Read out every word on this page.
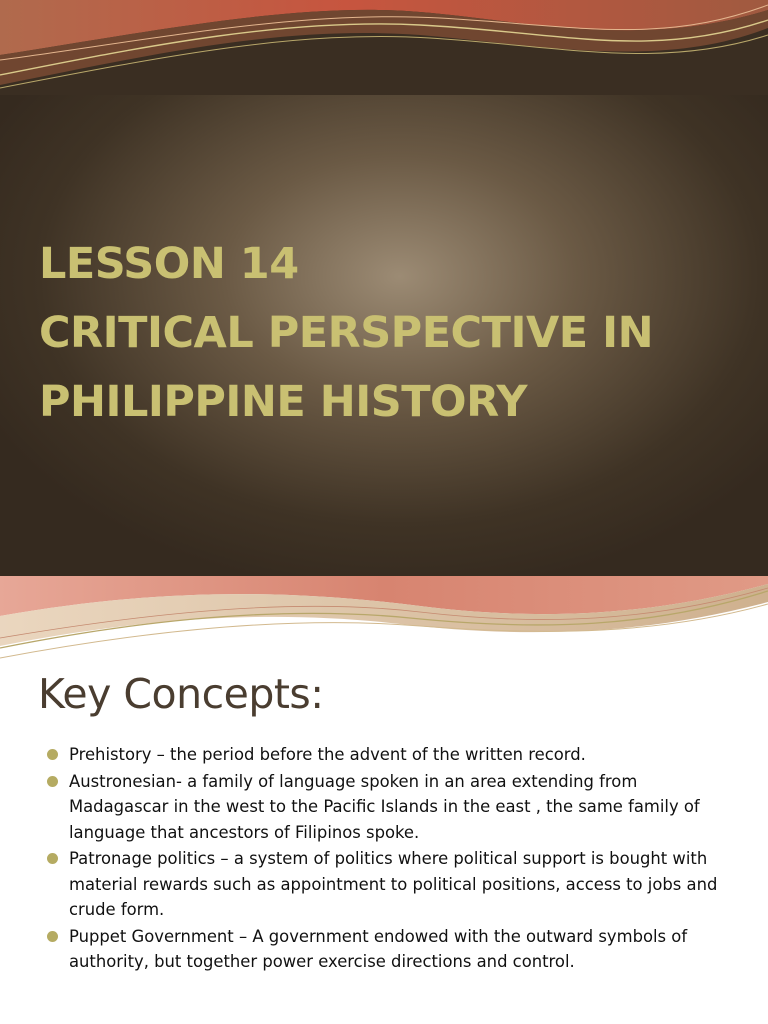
LESSON 14
CRITICAL PERSPECTIVE IN
PHILIPPINE HISTORY
Key Concepts:
Prehistory – the period before the advent of the written record.
Austronesian- a family of language spoken in an area extending from Madagascar in the west to the Pacific Islands in the east , the same family of language that ancestors of Filipinos spoke.
Patronage politics – a system of politics where political support is bought with material rewards such as appointment to political positions, access to jobs and crude form.
Puppet Government – A government endowed with the outward symbols of authority, but together power exercise directions and control.
